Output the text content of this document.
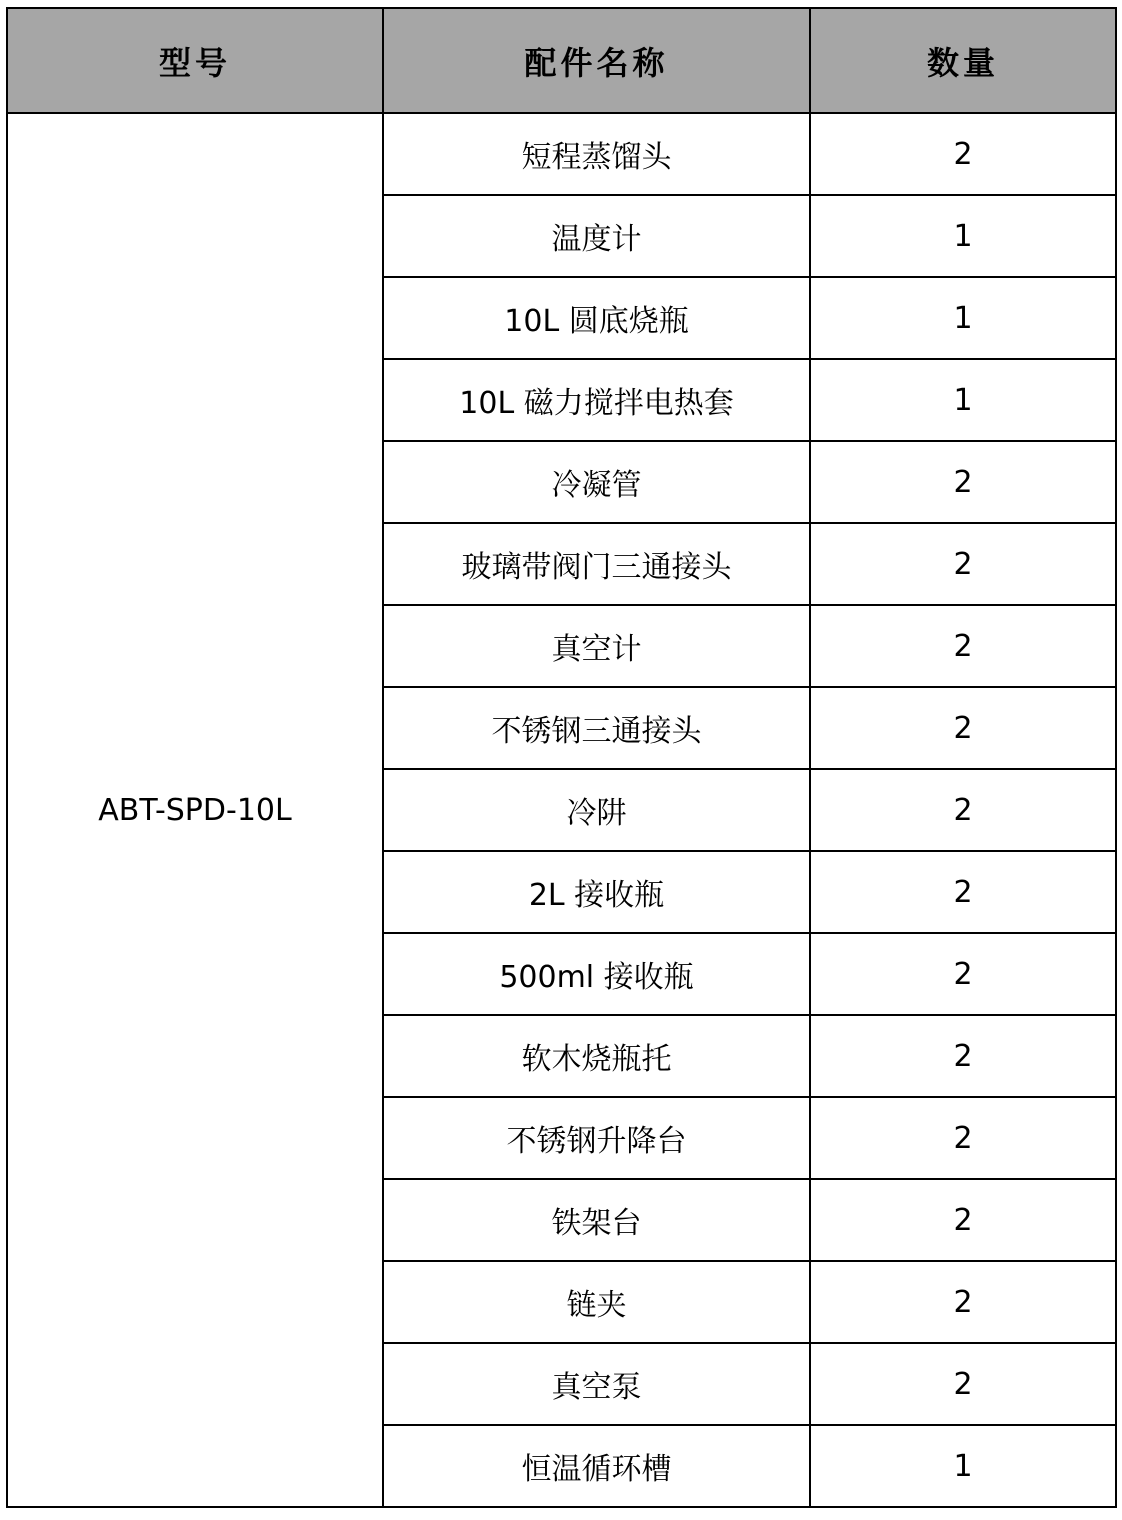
型号	配件名称	数量
ABT-SPD-10L	短程蒸馏头	2
	温度计	1
	10L 圆底烧瓶	1
	10L 磁力搅拌电热套	1
	冷凝管	2
	玻璃带阀门三通接头	2
	真空计	2
	不锈钢三通接头	2
	冷阱	2
	2L 接收瓶	2
	500ml 接收瓶	2
	软木烧瓶托	2
	不锈钢升降台	2
	铁架台	2
	链夹	2
	真空泵	2
	恒温循环槽	1
